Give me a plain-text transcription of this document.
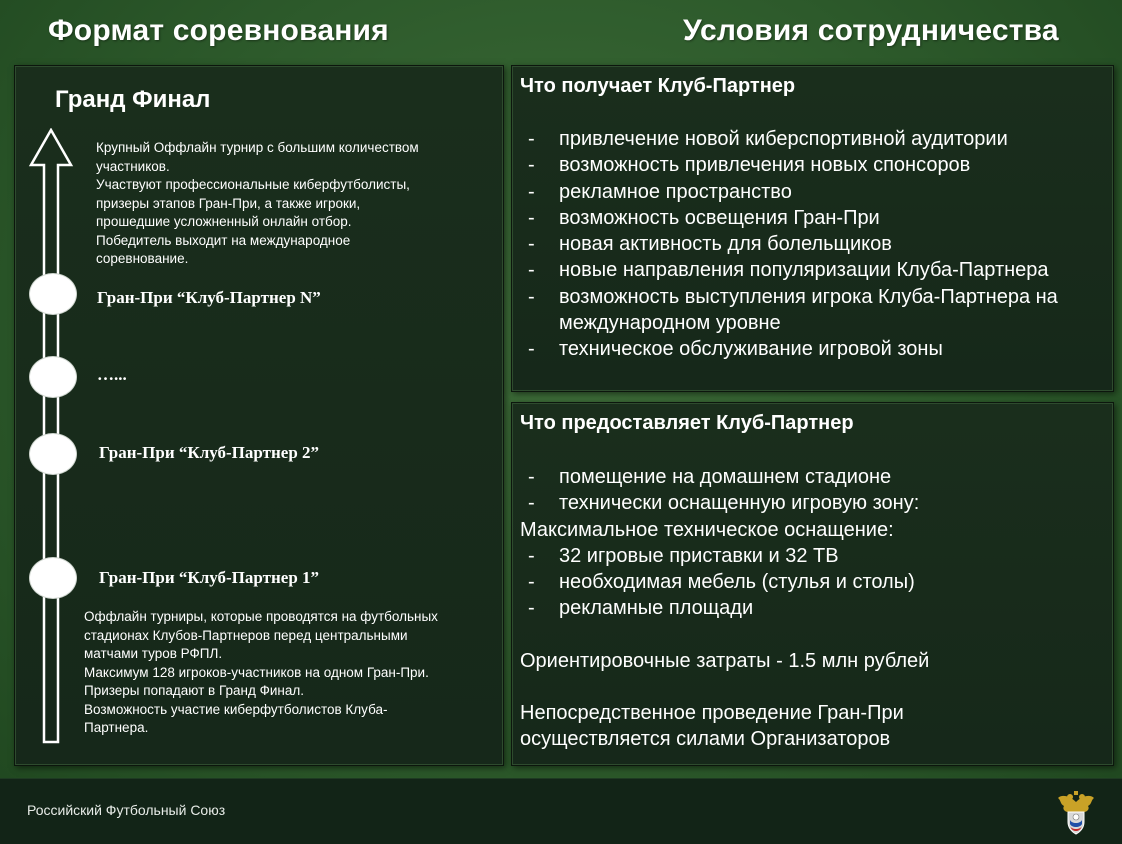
Формат соревнования	Условия сотрудничества
Гранд Финал
Крупный Оффлайн турнир с большим количеством
участников.
Участвуют профессиональные киберфутболисты,
призеры этапов Гран-При, а также игроки,
прошедшие усложненный онлайн отбор.
Победитель выходит на международное
соревнование.
Гран-При “Клуб-Партнер N”
…...
Гран-При “Клуб-Партнер 2”
Гран-При “Клуб-Партнер 1”
Оффлайн турниры, которые проводятся на футбольных
стадионах Клубов-Партнеров перед центральными
матчами туров РФПЛ.
Максимум 128 игроков-участников на одном Гран-При.
Призеры попадают в Гранд Финал.
Возможность участие киберфутболистов Клуба-
Партнера.
Что получает Клуб-Партнер
-	привлечение новой киберспортивной аудитории
-	возможность привлечения новых спонсоров
-	рекламное пространство
-	возможность освещения Гран-При
-	новая активность для болельщиков
-	новые направления популяризации Клуба-Партнера
-	возможность выступления игрока Клуба-Партнера на международном уровне
-	техническое обслуживание игровой зоны
Что предоставляет Клуб-Партнер
-	помещение на домашнем стадионе
-	технически оснащенную игровую зону:
Максимальное техническое оснащение:
-	32 игровые приставки и 32 ТВ
-	необходимая мебель (стулья и столы)
-	рекламные площади
Ориентировочные затраты - 1.5 млн рублей
Непосредственное проведение Гран-При
осуществляется силами Организаторов
Российский Футбольный Союз
